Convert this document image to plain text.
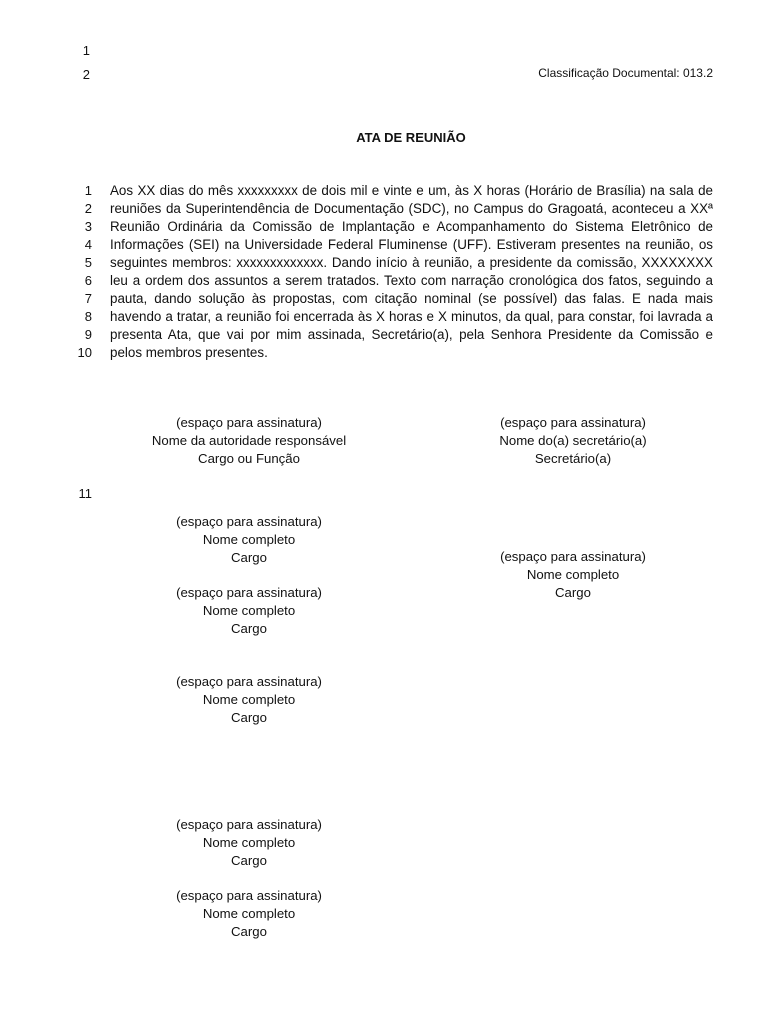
1
2	Classificação Documental: 013.2
ATA DE REUNIÃO
1
2
3
4
5
6
7
8
9
10
Aos XX dias do mês xxxxxxxxx de dois mil e vinte e um, às X horas (Horário de Brasília) na sala de reuniões da Superintendência de Documentação (SDC), no Campus do Gragoatá, aconteceu a XXª Reunião Ordinária da Comissão de Implantação e Acompanhamento do Sistema Eletrônico de Informações (SEI) na Universidade Federal Fluminense (UFF). Estiveram presentes na reunião, os seguintes membros: xxxxxxxxxxxxx. Dando início à reunião, a presidente da comissão, XXXXXXXX leu a ordem dos assuntos a serem tratados. Texto com narração cronológica dos fatos, seguindo a pauta, dando solução às propostas, com citação nominal (se possível) das falas. E nada mais havendo a tratar, a reunião foi encerrada às X horas e X minutos, da qual, para constar, foi lavrada a presenta Ata, que vai por mim assinada, Secretário(a), pela Senhora Presidente da Comissão e pelos membros presentes.
(espaço para assinatura)
Nome da autoridade responsável
Cargo ou Função
(espaço para assinatura)
Nome do(a) secretário(a)
Secretário(a)
11
(espaço para assinatura)
Nome completo
Cargo	(espaço para assinatura)
Nome completo
Cargo
(espaço para assinatura)
Nome completo
Cargo
(espaço para assinatura)
Nome completo
Cargo
(espaço para assinatura)
Nome completo
Cargo
(espaço para assinatura)
Nome completo
Cargo
